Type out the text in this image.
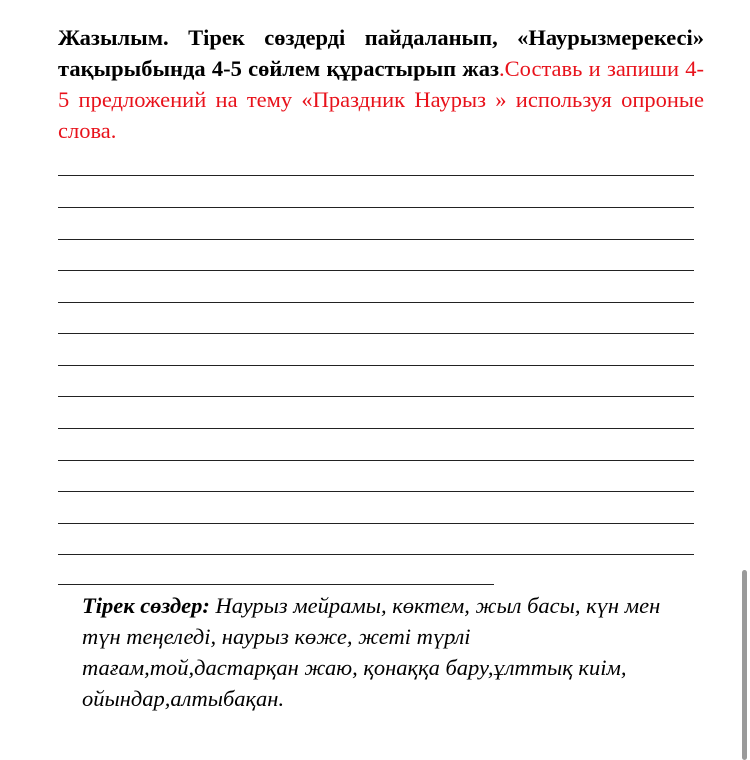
Жазылым. Тірек сөздерді пайдаланып, «Наурызмерекесі» тақырыбында 4-5 сөйлем құрастырып жаз.Составь и запиши 4-5 предложений на тему «Праздник Наурыз » используя опроные слова.

Тірек сөздер: Наурыз мейрамы, көктем, жыл басы, күн мен түн теңеледі, наурыз көже, жеті түрлі тағам,той,дастарқан жаю, қонаққа бару,ұлттық киім, ойындар,алтыбақан.
